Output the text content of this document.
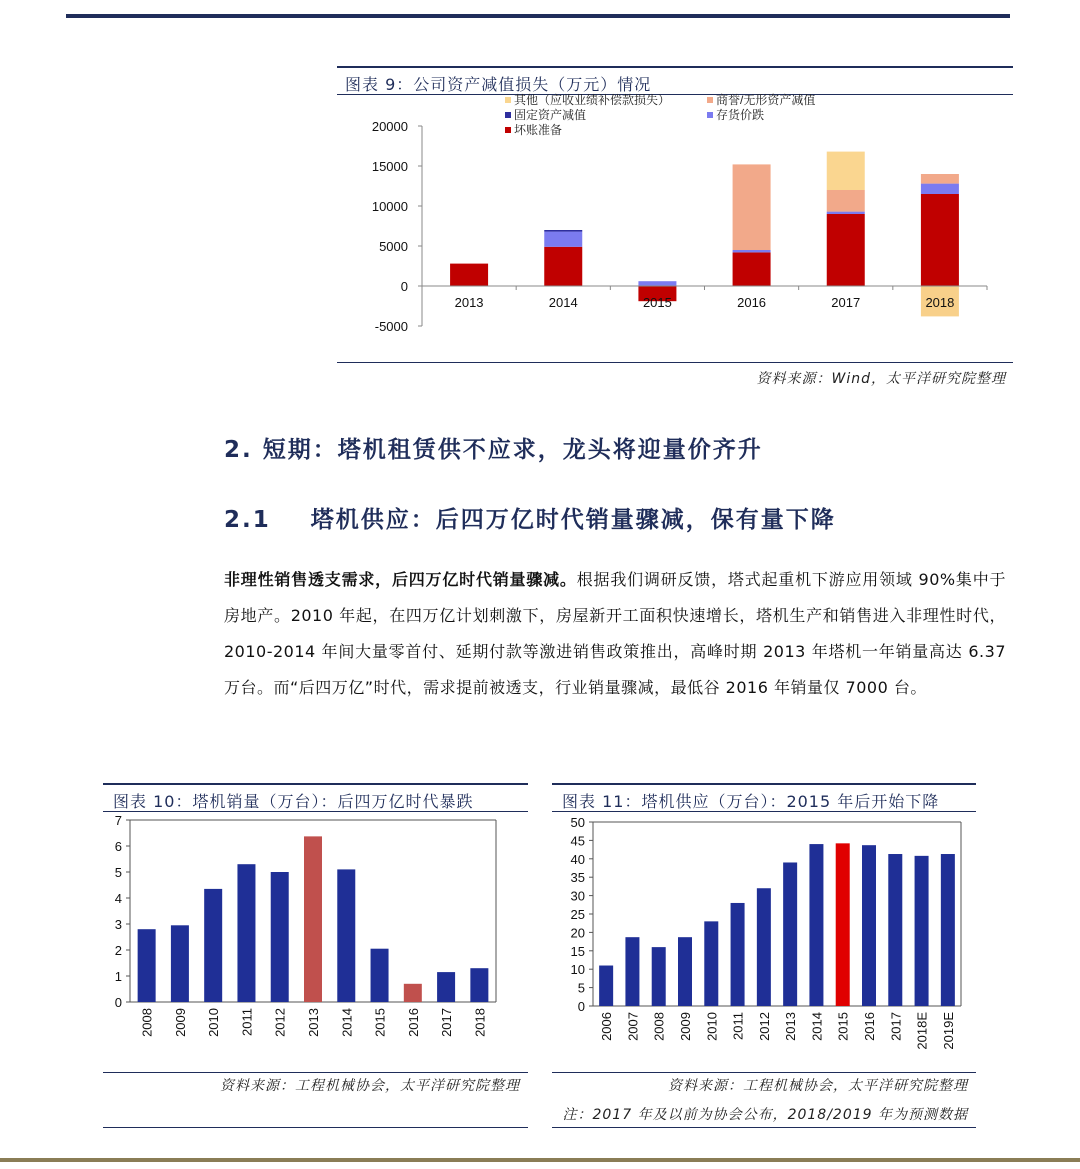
图表 9：公司资产减值损失（万元）情况
其他（应收业绩补偿款损失）	商誉/无形资产减值
固定资产减值	存货价跌
坏账准备
-5000
0
5000
10000
15000
20000
2013	2014	2015	2016	2017	2018
资料来源：Wind，太平洋研究院整理
2. 短期：塔机租赁供不应求，龙头将迎量价齐升
2.1    塔机供应：后四万亿时代销量骤减，保有量下降
非理性销售透支需求，后四万亿时代销量骤减。根据我们调研反馈，塔式起重机下游应用领域 90%集中于房地产。2010 年起，在四万亿计划刺激下，房屋新开工面积快速增长，塔机生产和销售进入非理性时代，2010-2014 年间大量零首付、延期付款等激进销售政策推出，高峰时期 2013 年塔机一年销量高达 6.37 万台。而“后四万亿”时代，需求提前被透支，行业销量骤减，最低谷 2016 年销量仅 7000 台。
图表 10：塔机销量（万台）：后四万亿时代暴跌
0
1
2
3
4
5
6
7
2008 2009 2010 2011 2012 2013 2014 2015 2016 2017 2018
资料来源：工程机械协会，太平洋研究院整理
图表 11：塔机供应（万台）：2015 年后开始下降
0
5
10
15
20
25
30
35
40
45
50
2006 2007 2008 2009 2010 2011 2012 2013 2014 2015 2016 2017 2018E 2019E
资料来源：工程机械协会，太平洋研究院整理
注：2017 年及以前为协会公布，2018/2019 年为预测数据
